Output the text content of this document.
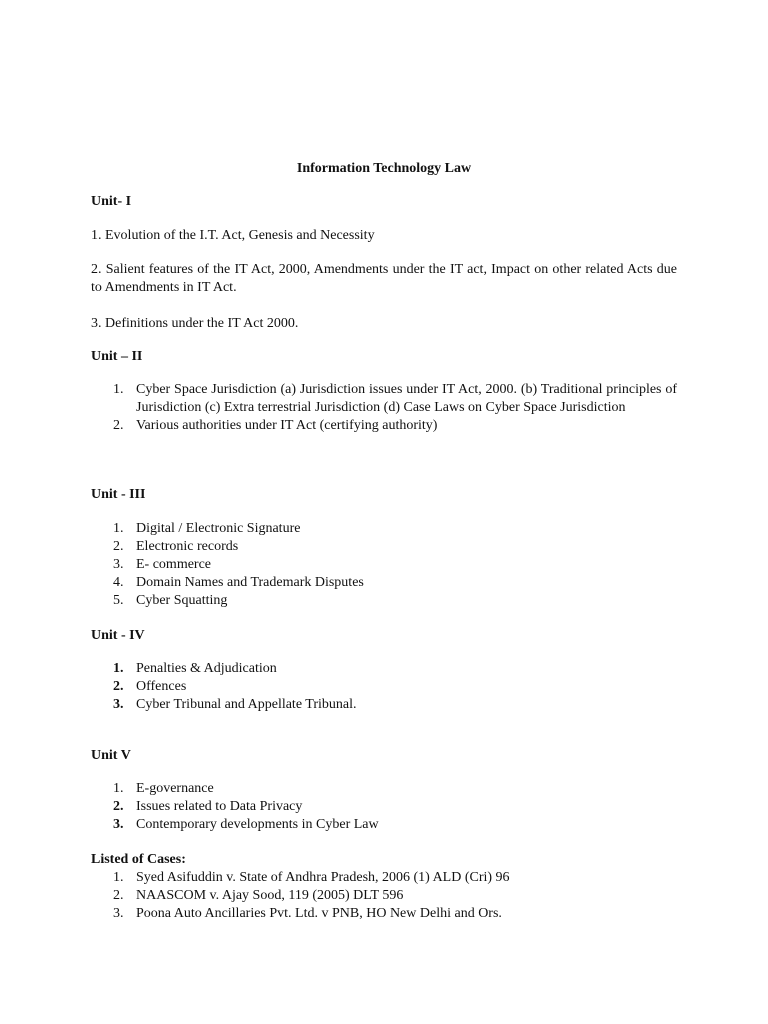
Information Technology Law
Unit- I
1. Evolution of the I.T. Act, Genesis and Necessity
2. Salient features of the IT Act, 2000, Amendments under the IT act, Impact on other related Acts due to Amendments in IT Act.
3. Definitions under the IT Act 2000.
Unit – II
1. Cyber Space Jurisdiction (a) Jurisdiction issues under IT Act, 2000. (b) Traditional principles of Jurisdiction (c) Extra terrestrial Jurisdiction (d) Case Laws on Cyber Space Jurisdiction
2. Various authorities under IT Act (certifying authority)
Unit - III
1. Digital / Electronic Signature
2. Electronic records
3. E- commerce
4. Domain Names and Trademark Disputes
5. Cyber Squatting
Unit - IV
1. Penalties & Adjudication
2. Offences
3. Cyber Tribunal and Appellate Tribunal.
Unit V
1. E-governance
2. Issues related to Data Privacy
3. Contemporary developments in Cyber Law
Listed of Cases:
1. Syed Asifuddin v. State of Andhra Pradesh, 2006 (1) ALD (Cri) 96
2. NAASCOM v. Ajay Sood, 119 (2005) DLT 596
3. Poona Auto Ancillaries Pvt. Ltd. v PNB, HO New Delhi and Ors.
